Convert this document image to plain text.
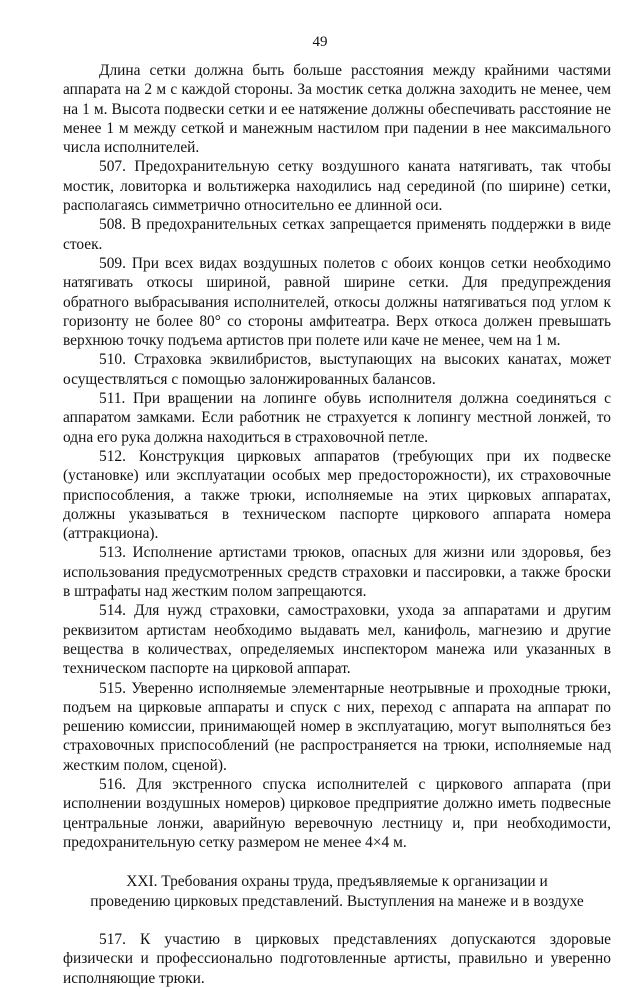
49

Длина сетки должна быть больше расстояния между крайними частями аппарата на 2 м с каждой стороны. За мостик сетка должна заходить не менее, чем на 1 м. Высота подвески сетки и ее натяжение должны обеспечивать расстояние не менее 1 м между сеткой и манежным настилом при падении в нее максимального числа исполнителей.

507. Предохранительную сетку воздушного каната натягивать, так чтобы мостик, ловиторка и вольтижерка находились над серединой (по ширине) сетки, располагаясь симметрично относительно ее длинной оси.

508. В предохранительных сетках запрещается применять поддержки в виде стоек.

509. При всех видах воздушных полетов с обоих концов сетки необходимо натягивать откосы шириной, равной ширине сетки. Для предупреждения обратного выбрасывания исполнителей, откосы должны натягиваться под углом к горизонту не более 80° со стороны амфитеатра. Верх откоса должен превышать верхнюю точку подъема артистов при полете или каче не менее, чем на 1 м.

510. Страховка эквилибристов, выступающих на высоких канатах, может осуществляться с помощью залонжированных балансов.

511. При вращении на лопинге обувь исполнителя должна соединяться с аппаратом замками. Если работник не страхуется к лопингу местной лонжей, то одна его рука должна находиться в страховочной петле.

512. Конструкция цирковых аппаратов (требующих при их подвеске (установке) или эксплуатации особых мер предосторожности), их страховочные приспособления, а также трюки, исполняемые на этих цирковых аппаратах, должны указываться в техническом паспорте циркового аппарата номера (аттракциона).

513. Исполнение артистами трюков, опасных для жизни или здоровья, без использования предусмотренных средств страховки и пассировки, а также броски в штрафаты над жестким полом запрещаются.

514. Для нужд страховки, самостраховки, ухода за аппаратами и другим реквизитом артистам необходимо выдавать мел, канифоль, магнезию и другие вещества в количествах, определяемых инспектором манежа или указанных в техническом паспорте на цирковой аппарат.

515. Уверенно исполняемые элементарные неотрывные и проходные трюки, подъем на цирковые аппараты и спуск с них, переход с аппарата на аппарат по решению комиссии, принимающей номер в эксплуатацию, могут выполняться без страховочных приспособлений (не распространяется на трюки, исполняемые над жестким полом, сценой).

516. Для экстренного спуска исполнителей с циркового аппарата (при исполнении воздушных номеров) цирковое предприятие должно иметь подвесные центральные лонжи, аварийную веревочную лестницу и, при необходимости, предохранительную сетку размером не менее 4×4 м.

XXI. Требования охраны труда, предъявляемые к организации и проведению цирковых представлений. Выступления на манеже и в воздухе

517. К участию в цирковых представлениях допускаются здоровые физически и профессионально подготовленные артисты, правильно и уверенно исполняющие трюки.
